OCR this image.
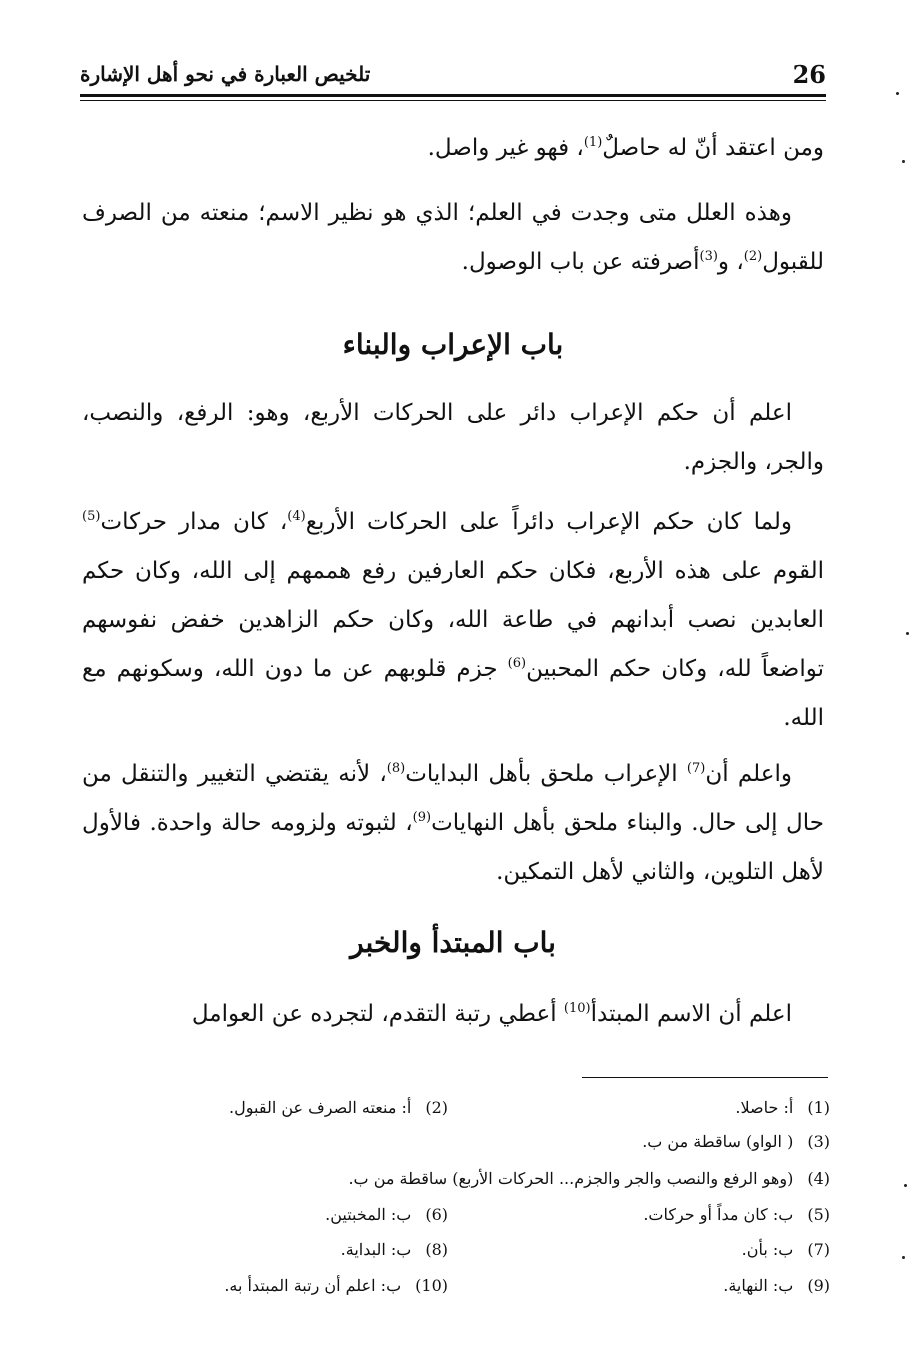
26
تلخيص العبارة في نحو أهل الإشارة

ومن اعتقد أنّ له حاصلٌ$^{(1)}$، فهو غير واصل.

وهذه العلل متى وجدت في العلم؛ الذي هو نظير الاسم؛ منعته من الصرف للقبول$^{(2)}$، و$^{(3)}$أصرفته عن باب الوصول.

باب الإعراب والبناء

اعلم أن حكم الإعراب دائر على الحركات الأربع، وهو: الرفع، والنصب، والجر، والجزم.

ولما كان حكم الإعراب دائراً على الحركات الأربع$^{(4)}$، كان مدار حركات$^{(5)}$ القوم على هذه الأربع، فكان حكم العارفين رفع هممهم إلى الله، وكان حكم العابدين نصب أبدانهم في طاعة الله، وكان حكم الزاهدين خفض نفوسهم تواضعاً لله، وكان حكم المحبين$^{(6)}$ جزم قلوبهم عن ما دون الله، وسكونهم مع الله.

واعلم أن$^{(7)}$ الإعراب ملحق بأهل البدايات$^{(8)}$، لأنه يقتضي التغيير والتنقل من حال إلى حال. والبناء ملحق بأهل النهايات$^{(9)}$، لثبوته ولزومه حالة واحدة. فالأول لأهل التلوين، والثاني لأهل التمكين.

باب المبتدأ والخبر

اعلم أن الاسم المبتدأ$^{(10)}$ أعطي رتبة التقدم، لتجرده عن العوامل

(1)أ: حاصلا.
(2)أ: منعته الصرف عن القبول.
(3)( الواو) ساقطة من ب.
(4)(وهو الرفع والنصب والجر والجزم... الحركات الأربع) ساقطة من ب.
(5)ب: كان مداً أو حركات.
(6)ب: المخبتين.
(7)ب: بأن.
(8)ب: البداية.
(9)ب: النهاية.
(10)ب: اعلم أن رتبة المبتدأ به.
